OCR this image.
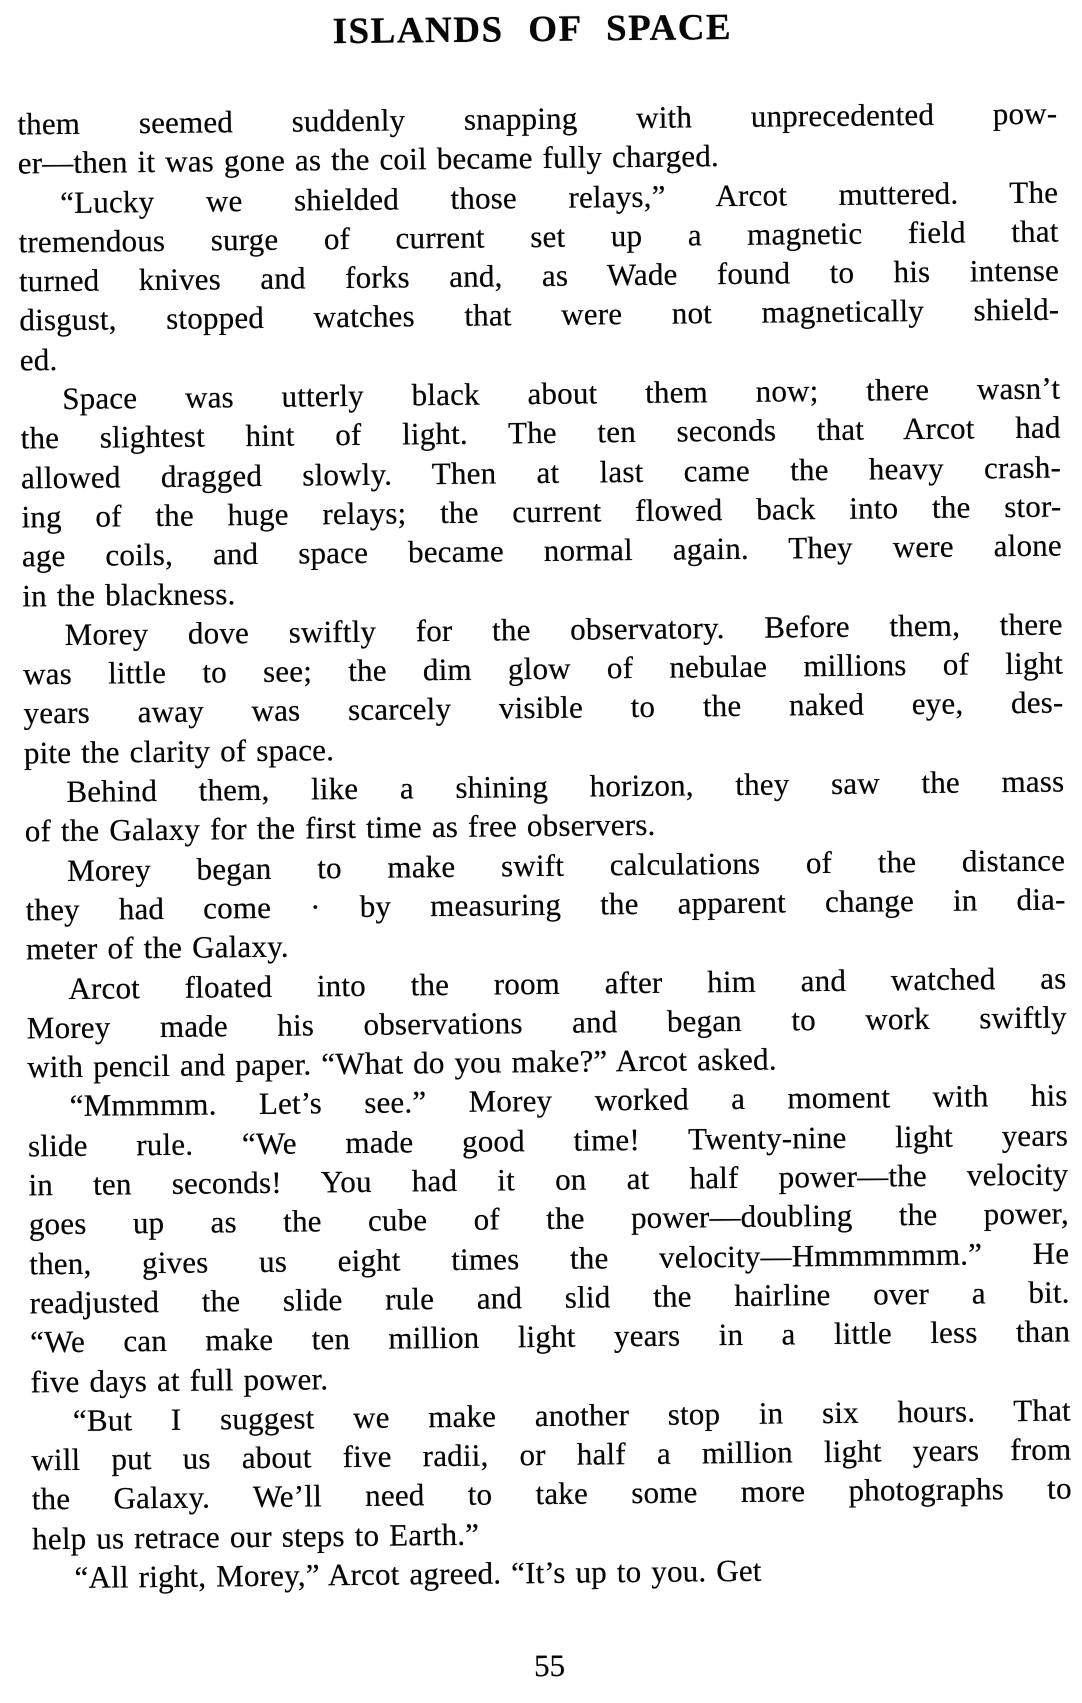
ISLANDS OF SPACE
them seemed suddenly snapping with unprecedented pow-
er—then it was gone as the coil became fully charged.
“Lucky we shielded those relays,” Arcot muttered. The
tremendous surge of current set up a magnetic field that
turned knives and forks and, as Wade found to his intense
disgust, stopped watches that were not magnetically shield-
ed.
Space was utterly black about them now; there wasn’t
the slightest hint of light. The ten seconds that Arcot had
allowed dragged slowly. Then at last came the heavy crash-
ing of the huge relays; the current flowed back into the stor-
age coils, and space became normal again. They were alone
in the blackness.
Morey dove swiftly for the observatory. Before them, there
was little to see; the dim glow of nebulae millions of light
years away was scarcely visible to the naked eye, des-
pite the clarity of space.
Behind them, like a shining horizon, they saw the mass
of the Galaxy for the first time as free observers.
Morey began to make swift calculations of the distance
they had come · by measuring the apparent change in dia-
meter of the Galaxy.
Arcot floated into the room after him and watched as
Morey made his observations and began to work swiftly
with pencil and paper. “What do you make?” Arcot asked.
“Mmmmm. Let’s see.” Morey worked a moment with his
slide rule. “We made good time! Twenty-nine light years
in ten seconds! You had it on at half power—the velocity
goes up as the cube of the power—doubling the power,
then, gives us eight times the velocity—Hmmmmmm.” He
readjusted the slide rule and slid the hairline over a bit.
“We can make ten million light years in a little less than
five days at full power.
“But I suggest we make another stop in six hours. That
will put us about five radii, or half a million light years from
the Galaxy. We’ll need to take some more photographs to
help us retrace our steps to Earth.”
“All right, Morey,” Arcot agreed. “It’s up to you. Get
55
